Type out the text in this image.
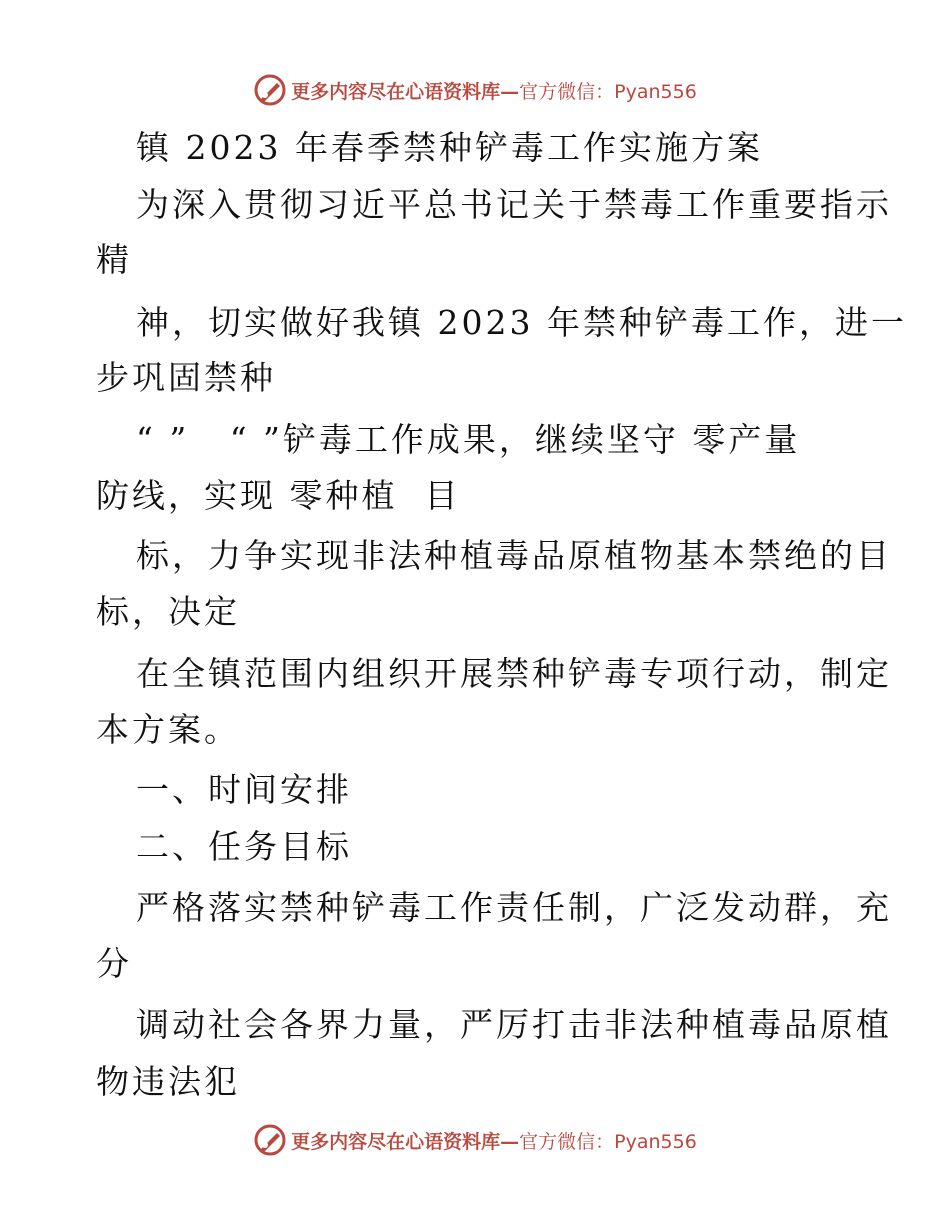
更多内容尽在心语资料库— 官方微信：Pyan556
镇 2023 年春季禁种铲毒工作实施方案
为深入贯彻习近平总书记关于禁毒工作重要指示
精
神，切实做好我镇 2023 年禁种铲毒工作，进一
步巩固禁种
“ ”   “ ”铲毒工作成果，继续坚守 零产量
防线，实现 零种植  目
标，力争实现非法种植毒品原植物基本禁绝的目
标，决定
在全镇范围内组织开展禁种铲毒专项行动，制定
本方案。
一、时间安排
二、任务目标
严格落实禁种铲毒工作责任制，广泛发动群，充
分
调动社会各界力量，严厉打击非法种植毒品原植
物违法犯
更多内容尽在心语资料库— 官方微信：Pyan556
